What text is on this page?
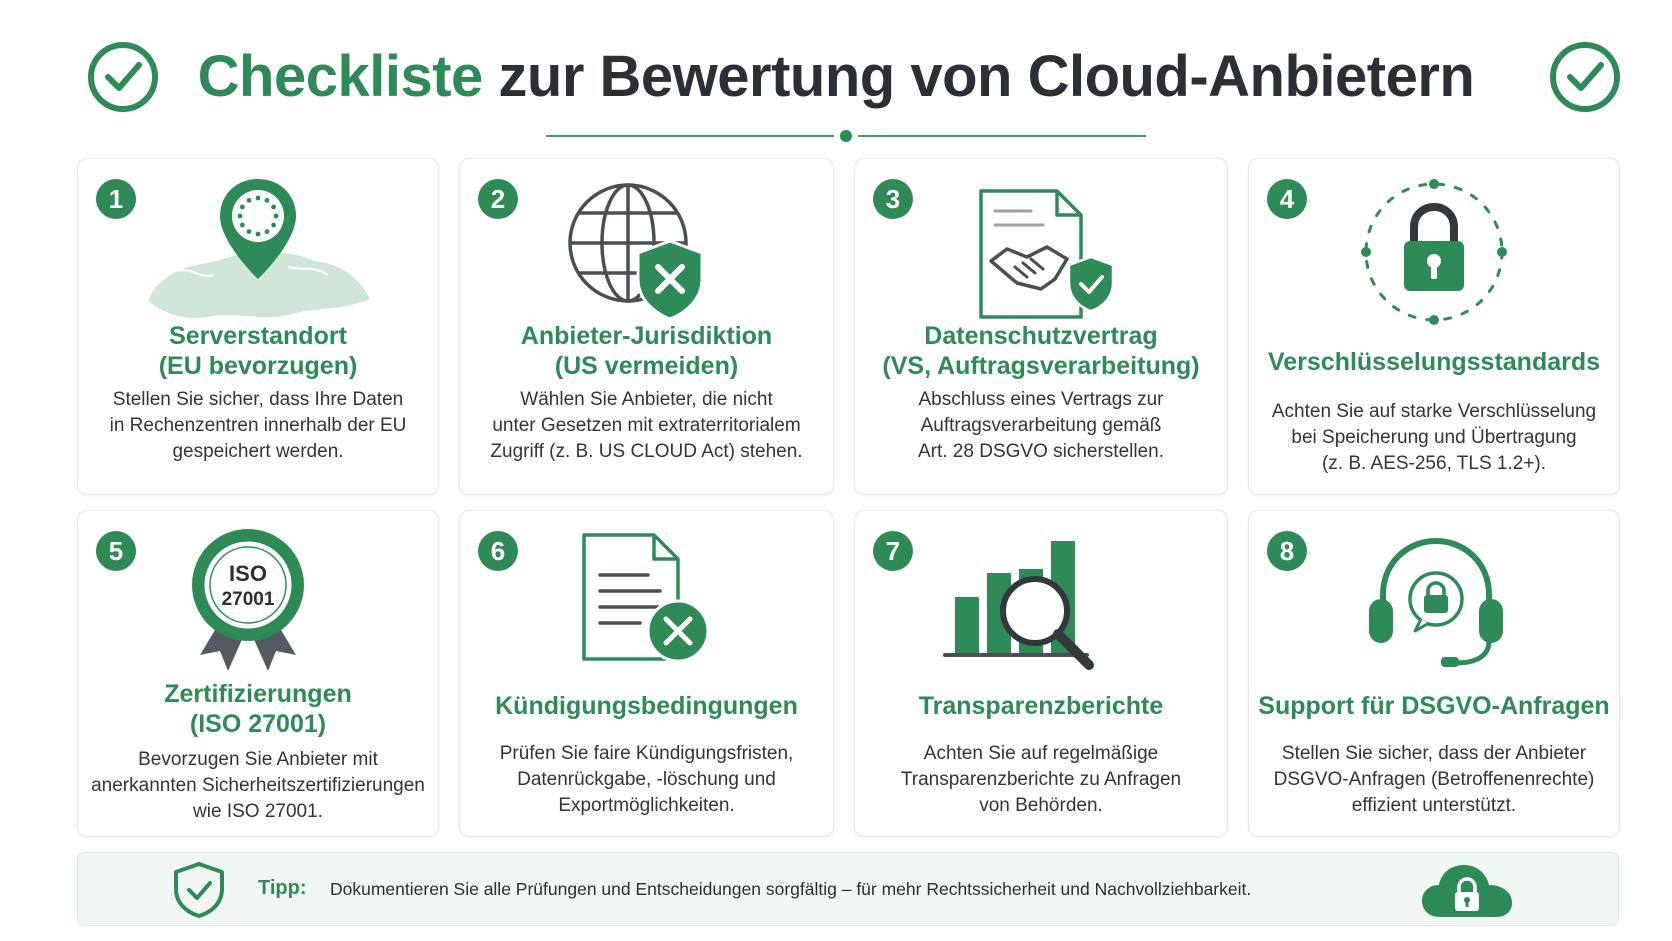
Checkliste zur Bewertung von Cloud-Anbietern
1
Serverstandort
(EU bevorzugen)
Stellen Sie sicher, dass Ihre Daten
in Rechenzentren innerhalb der EU
gespeichert werden.
2
Anbieter-Jurisdiktion
(US vermeiden)
Wählen Sie Anbieter, die nicht
unter Gesetzen mit extraterritorialem
Zugriff (z. B. US CLOUD Act) stehen.
3
Datenschutzvertrag
(VS, Auftragsverarbeitung)
Abschluss eines Vertrags zur
Auftragsverarbeitung gemäß
Art. 28 DSGVO sicherstellen.
4
Verschlüsselungsstandards
Achten Sie auf starke Verschlüsselung
bei Speicherung und Übertragung
(z. B. AES-256, TLS 1.2+).
5
ISO
27001
Zertifizierungen
(ISO 27001)
Bevorzugen Sie Anbieter mit
anerkannten Sicherheitszertifizierungen
wie ISO 27001.
6
Kündigungsbedingungen
Prüfen Sie faire Kündigungsfristen,
Datenrückgabe, -löschung und
Exportmöglichkeiten.
7
Transparenzberichte
Achten Sie auf regelmäßige
Transparenzberichte zu Anfragen
von Behörden.
8
Support für DSGVO-Anfragen
Stellen Sie sicher, dass der Anbieter
DSGVO-Anfragen (Betroffenenrechte)
effizient unterstützt.
Tipp: Dokumentieren Sie alle Prüfungen und Entscheidungen sorgfältig – für mehr Rechtssicherheit und Nachvollziehbarkeit.
